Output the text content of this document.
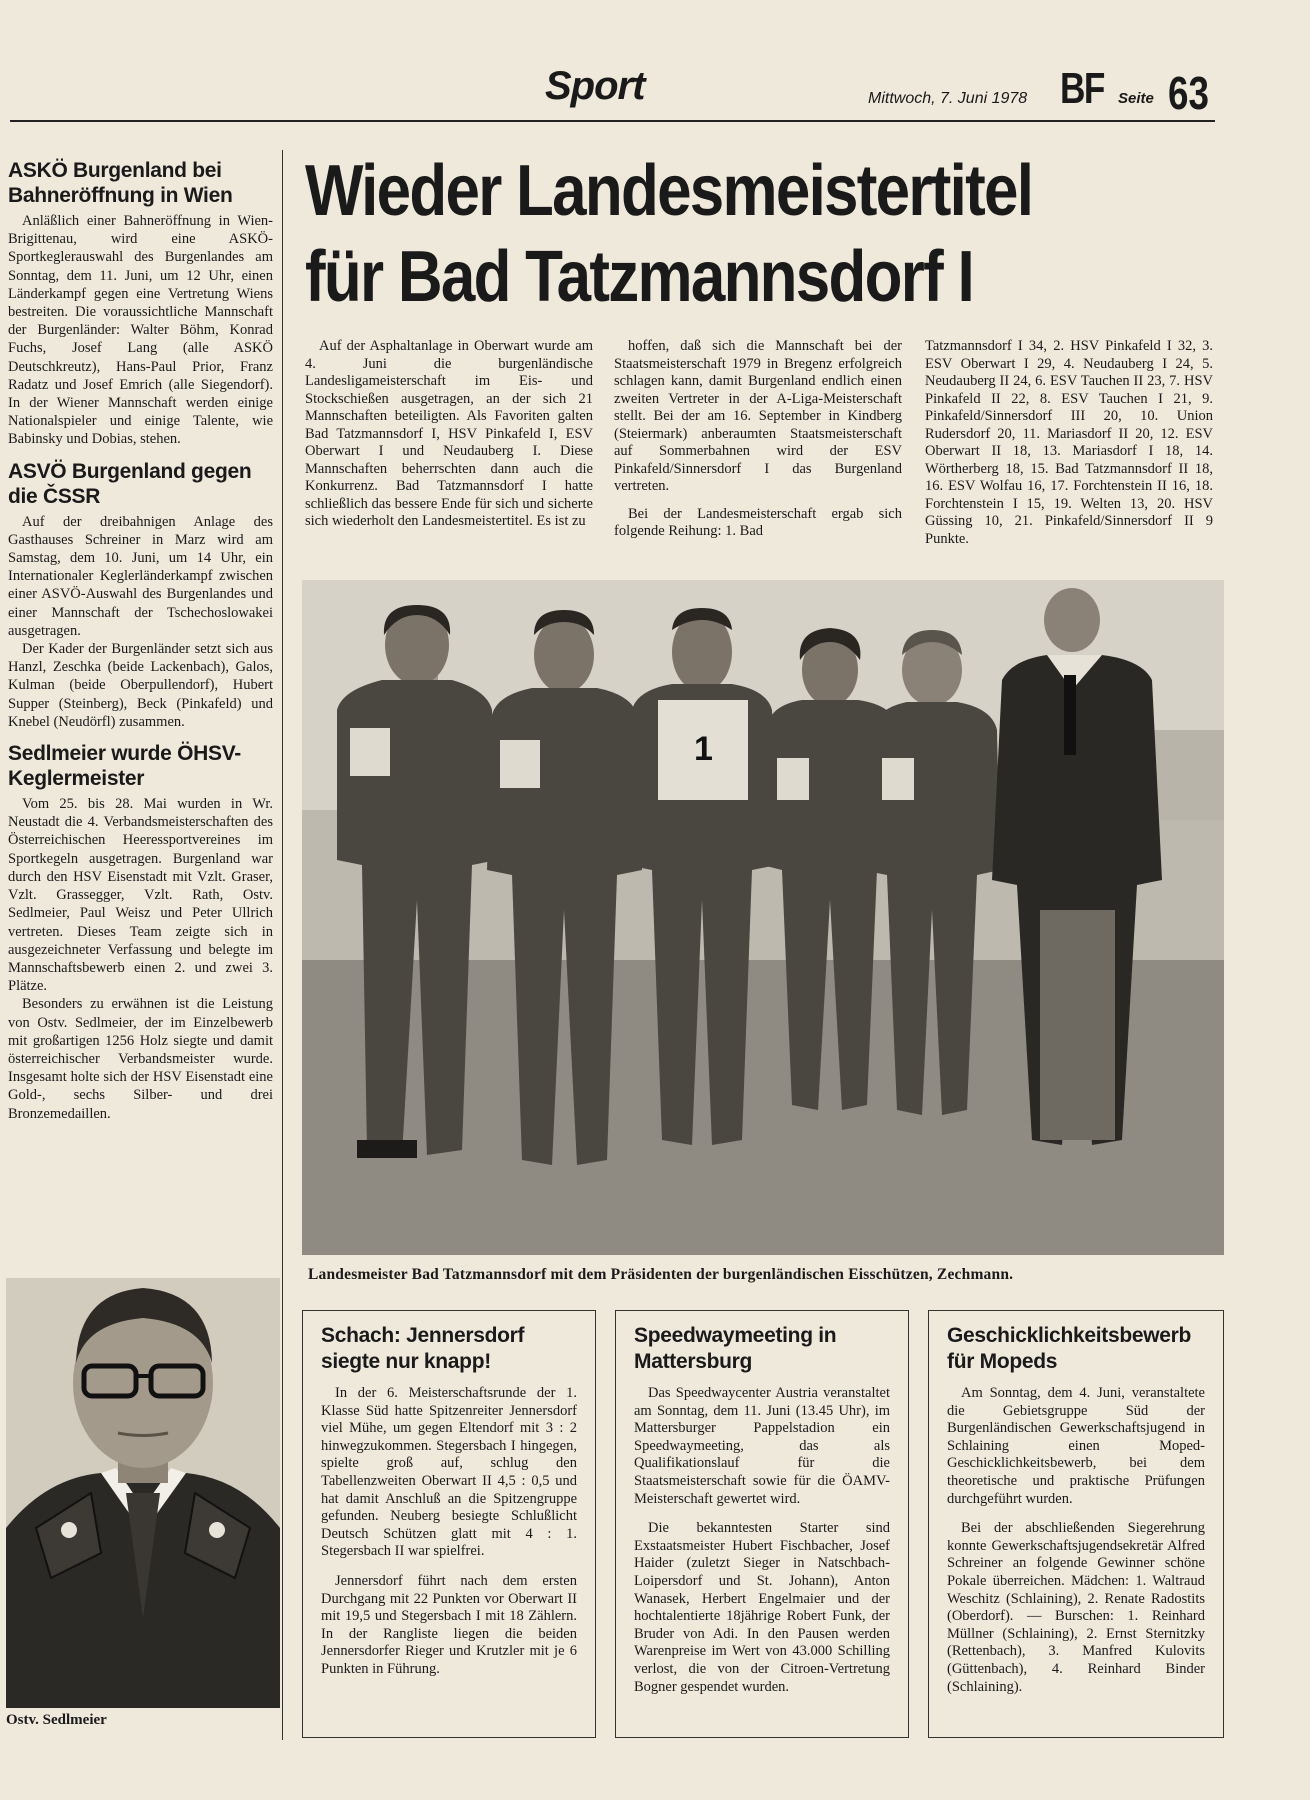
Sport	Mittwoch, 7. Juni 1978 BF Seite 63
ASKÖ Burgenland bei Bahneröffnung in Wien

Anläßlich einer Bahneröffnung in Wien-Brigittenau, wird eine ASKÖ-Sportkeglerauswahl des Burgenlandes am Sonntag, dem 11. Juni, um 12 Uhr, einen Länderkampf gegen eine Vertretung Wiens bestreiten. Die voraussichtliche Mannschaft der Burgenländer: Walter Böhm, Konrad Fuchs, Josef Lang (alle ASKÖ Deutschkreutz), Hans-Paul Prior, Franz Radatz und Josef Emrich (alle Siegendorf). In der Wiener Mannschaft werden einige Nationalspieler und einige Talente, wie Babinsky und Dobias, stehen.

ASVÖ Burgenland gegen die ČSSR

Auf der dreibahnigen Anlage des Gasthauses Schreiner in Marz wird am Samstag, dem 10. Juni, um 14 Uhr, ein Internationaler Keglerländerkampf zwischen einer ASVÖ-Auswahl des Burgenlandes und einer Mannschaft der Tschechoslowakei ausgetragen.

Der Kader der Burgenländer setzt sich aus Hanzl, Zeschka (beide Lackenbach), Galos, Kulman (beide Oberpullendorf), Hubert Supper (Steinberg), Beck (Pinkafeld) und Knebel (Neudörfl) zusammen.

Sedlmeier wurde ÖHSV-Keglermeister

Vom 25. bis 28. Mai wurden in Wr. Neustadt die 4. Verbandsmeisterschaften des Österreichischen Heeressportvereines im Sportkegeln ausgetragen. Burgenland war durch den HSV Eisenstadt mit Vzlt. Graser, Vzlt. Grassegger, Vzlt. Rath, Ostv. Sedlmeier, Paul Weisz und Peter Ullrich vertreten. Dieses Team zeigte sich in ausgezeichneter Verfassung und belegte im Mannschaftsbewerb einen 2. und zwei 3. Plätze.

Besonders zu erwähnen ist die Leistung von Ostv. Sedlmeier, der im Einzelbewerb mit großartigen 1256 Holz siegte und damit österreichischer Verbandsmeister wurde. Insgesamt holte sich der HSV Eisenstadt eine Gold-, sechs Silber- und drei Bronzemedaillen.

Ostv. Sedlmeier
Wieder Landesmeistertitel
für Bad Tatzmannsdorf I

Auf der Asphaltanlage in Oberwart wurde am 4. Juni die burgenländische Landesligameisterschaft im Eis- und Stockschießen ausgetragen, an der sich 21 Mannschaften beteiligten. Als Favoriten galten Bad Tatzmannsdorf I, HSV Pinkafeld I, ESV Oberwart I und Neudauberg I. Diese Mannschaften beherrschten dann auch die Konkurrenz. Bad Tatzmannsdorf I hatte schließlich das bessere Ende für sich und sicherte sich wiederholt den Landesmeistertitel. Es ist zu

hoffen, daß sich die Mannschaft bei der Staatsmeisterschaft 1979 in Bregenz erfolgreich schlagen kann, damit Burgenland endlich einen zweiten Vertreter in der A-Liga-Meisterschaft stellt. Bei der am 16. September in Kindberg (Steiermark) anberaumten Staatsmeisterschaft auf Sommerbahnen wird der ESV Pinkafeld/Sinnersdorf I das Burgenland vertreten.

Bei der Landesmeisterschaft ergab sich folgende Reihung: 1. Bad

Tatzmannsdorf I 34, 2. HSV Pinkafeld I 32, 3. ESV Oberwart I 29, 4. Neudauberg I 24, 5. Neudauberg II 24, 6. ESV Tauchen II 23, 7. HSV Pinkafeld II 22, 8. ESV Tauchen I 21, 9. Pinkafeld/Sinnersdorf III 20, 10. Union Rudersdorf 20, 11. Mariasdorf II 20, 12. ESV Oberwart II 18, 13. Mariasdorf I 18, 14. Wörtherberg 18, 15. Bad Tatzmannsdorf II 18, 16. ESV Wolfau 16, 17. Forchtenstein II 16, 18. Forchtenstein I 15, 19. Welten 13, 20. HSV Güssing 10, 21. Pinkafeld/Sinnersdorf II 9 Punkte.

1
Landesmeister Bad Tatzmannsdorf mit dem Präsidenten der burgenländischen Eisschützen, Zechmann.
Schach: Jennersdorf siegte nur knapp!

In der 6. Meisterschaftsrunde der 1. Klasse Süd hatte Spitzenreiter Jennersdorf viel Mühe, um gegen Eltendorf mit 3 : 2 hinwegzukommen. Stegersbach I hingegen, spielte groß auf, schlug den Tabellenzweiten Oberwart II 4,5 : 0,5 und hat damit Anschluß an die Spitzengruppe gefunden. Neuberg besiegte Schlußlicht Deutsch Schützen glatt mit 4 : 1. Stegersbach II war spielfrei.

Jennersdorf führt nach dem ersten Durchgang mit 22 Punkten vor Oberwart II mit 19,5 und Stegersbach I mit 18 Zählern. In der Rangliste liegen die beiden Jennersdorfer Rieger und Krutzler mit je 6 Punkten in Führung.

Speedwaymeeting in Mattersburg

Das Speedwaycenter Austria veranstaltet am Sonntag, dem 11. Juni (13.45 Uhr), im Mattersburger Pappelstadion ein Speedwaymeeting, das als Qualifikationslauf für die Staatsmeisterschaft sowie für die ÖAMV-Meisterschaft gewertet wird.

Die bekanntesten Starter sind Exstaatsmeister Hubert Fischbacher, Josef Haider (zuletzt Sieger in Natschbach-Loipersdorf und St. Johann), Anton Wanasek, Herbert Engelmaier und der hochtalentierte 18jährige Robert Funk, der Bruder von Adi. In den Pausen werden Warenpreise im Wert von 43.000 Schilling verlost, die von der Citroen-Vertretung Bogner gespendet wurden.

Geschicklichkeitsbewerb für Mopeds

Am Sonntag, dem 4. Juni, veranstaltete die Gebietsgruppe Süd der Burgenländischen Gewerkschaftsjugend in Schlaining einen Moped-Geschicklichkeitsbewerb, bei dem theoretische und praktische Prüfungen durchgeführt wurden.

Bei der abschließenden Siegerehrung konnte Gewerkschaftsjugendsekretär Alfred Schreiner an folgende Gewinner schöne Pokale überreichen. Mädchen: 1. Waltraud Weschitz (Schlaining), 2. Renate Radostits (Oberdorf). — Burschen: 1. Reinhard Müllner (Schlaining), 2. Ernst Sternitzky (Rettenbach), 3. Manfred Kulovits (Güttenbach), 4. Reinhard Binder (Schlaining).
